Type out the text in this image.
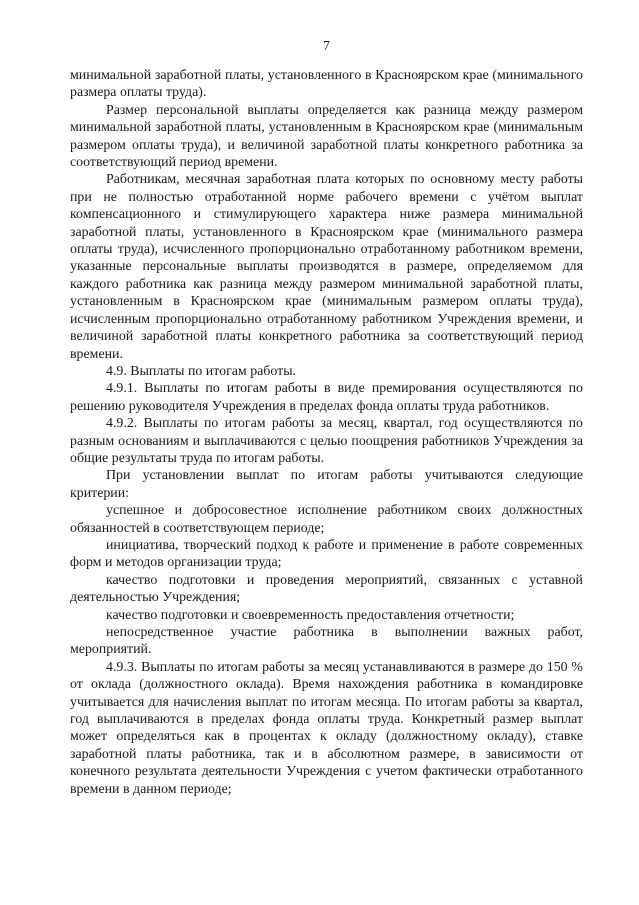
7

минимальной заработной платы, установленного в Красноярском крае (минимального размера оплаты труда).

Размер персональной выплаты определяется как разница между размером минимальной заработной платы, установленным в Красноярском крае (минимальным размером оплаты труда), и величиной заработной платы конкретного работника за соответствующий период времени.

Работникам, месячная заработная плата которых по основному месту работы при не полностью отработанной норме рабочего времени с учётом выплат компенсационного и стимулирующего характера ниже размера минимальной заработной платы, установленного в Красноярском крае (минимального размера оплаты труда), исчисленного пропорционально отработанному работником времени, указанные персональные выплаты производятся в размере, определяемом для каждого работника как разница между размером минимальной заработной платы, установленным в Красноярском крае (минимальным размером оплаты труда), исчисленным пропорционально отработанному работником Учреждения времени, и величиной заработной платы конкретного работника за соответствующий период времени.

4.9. Выплаты по итогам работы.

4.9.1. Выплаты по итогам работы в виде премирования осуществляются по решению руководителя Учреждения в пределах фонда оплаты труда работников.

4.9.2. Выплаты по итогам работы за месяц, квартал, год осуществляются по разным основаниям и выплачиваются с целью поощрения работников Учреждения за общие результаты труда по итогам работы.

При установлении выплат по итогам работы учитываются следующие критерии:

успешное и добросовестное исполнение работником своих должностных обязанностей в соответствующем периоде;

инициатива, творческий подход к работе и применение в работе современных форм и методов организации труда;

качество подготовки и проведения мероприятий, связанных с уставной деятельностью Учреждения;

качество подготовки и своевременность предоставления отчетности;

непосредственное участие работника в выполнении важных работ, мероприятий.

4.9.3. Выплаты по итогам работы за месяц устанавливаются в размере до 150 % от оклада (должностного оклада). Время нахождения работника в командировке учитывается для начисления выплат по итогам месяца. По итогам работы за квартал, год выплачиваются в пределах фонда оплаты труда. Конкретный размер выплат может определяться как в процентах к окладу (должностному окладу), ставке заработной платы работника, так и в абсолютном размере, в зависимости от конечного результата деятельности Учреждения с учетом фактически отработанного времени в данном периоде;
